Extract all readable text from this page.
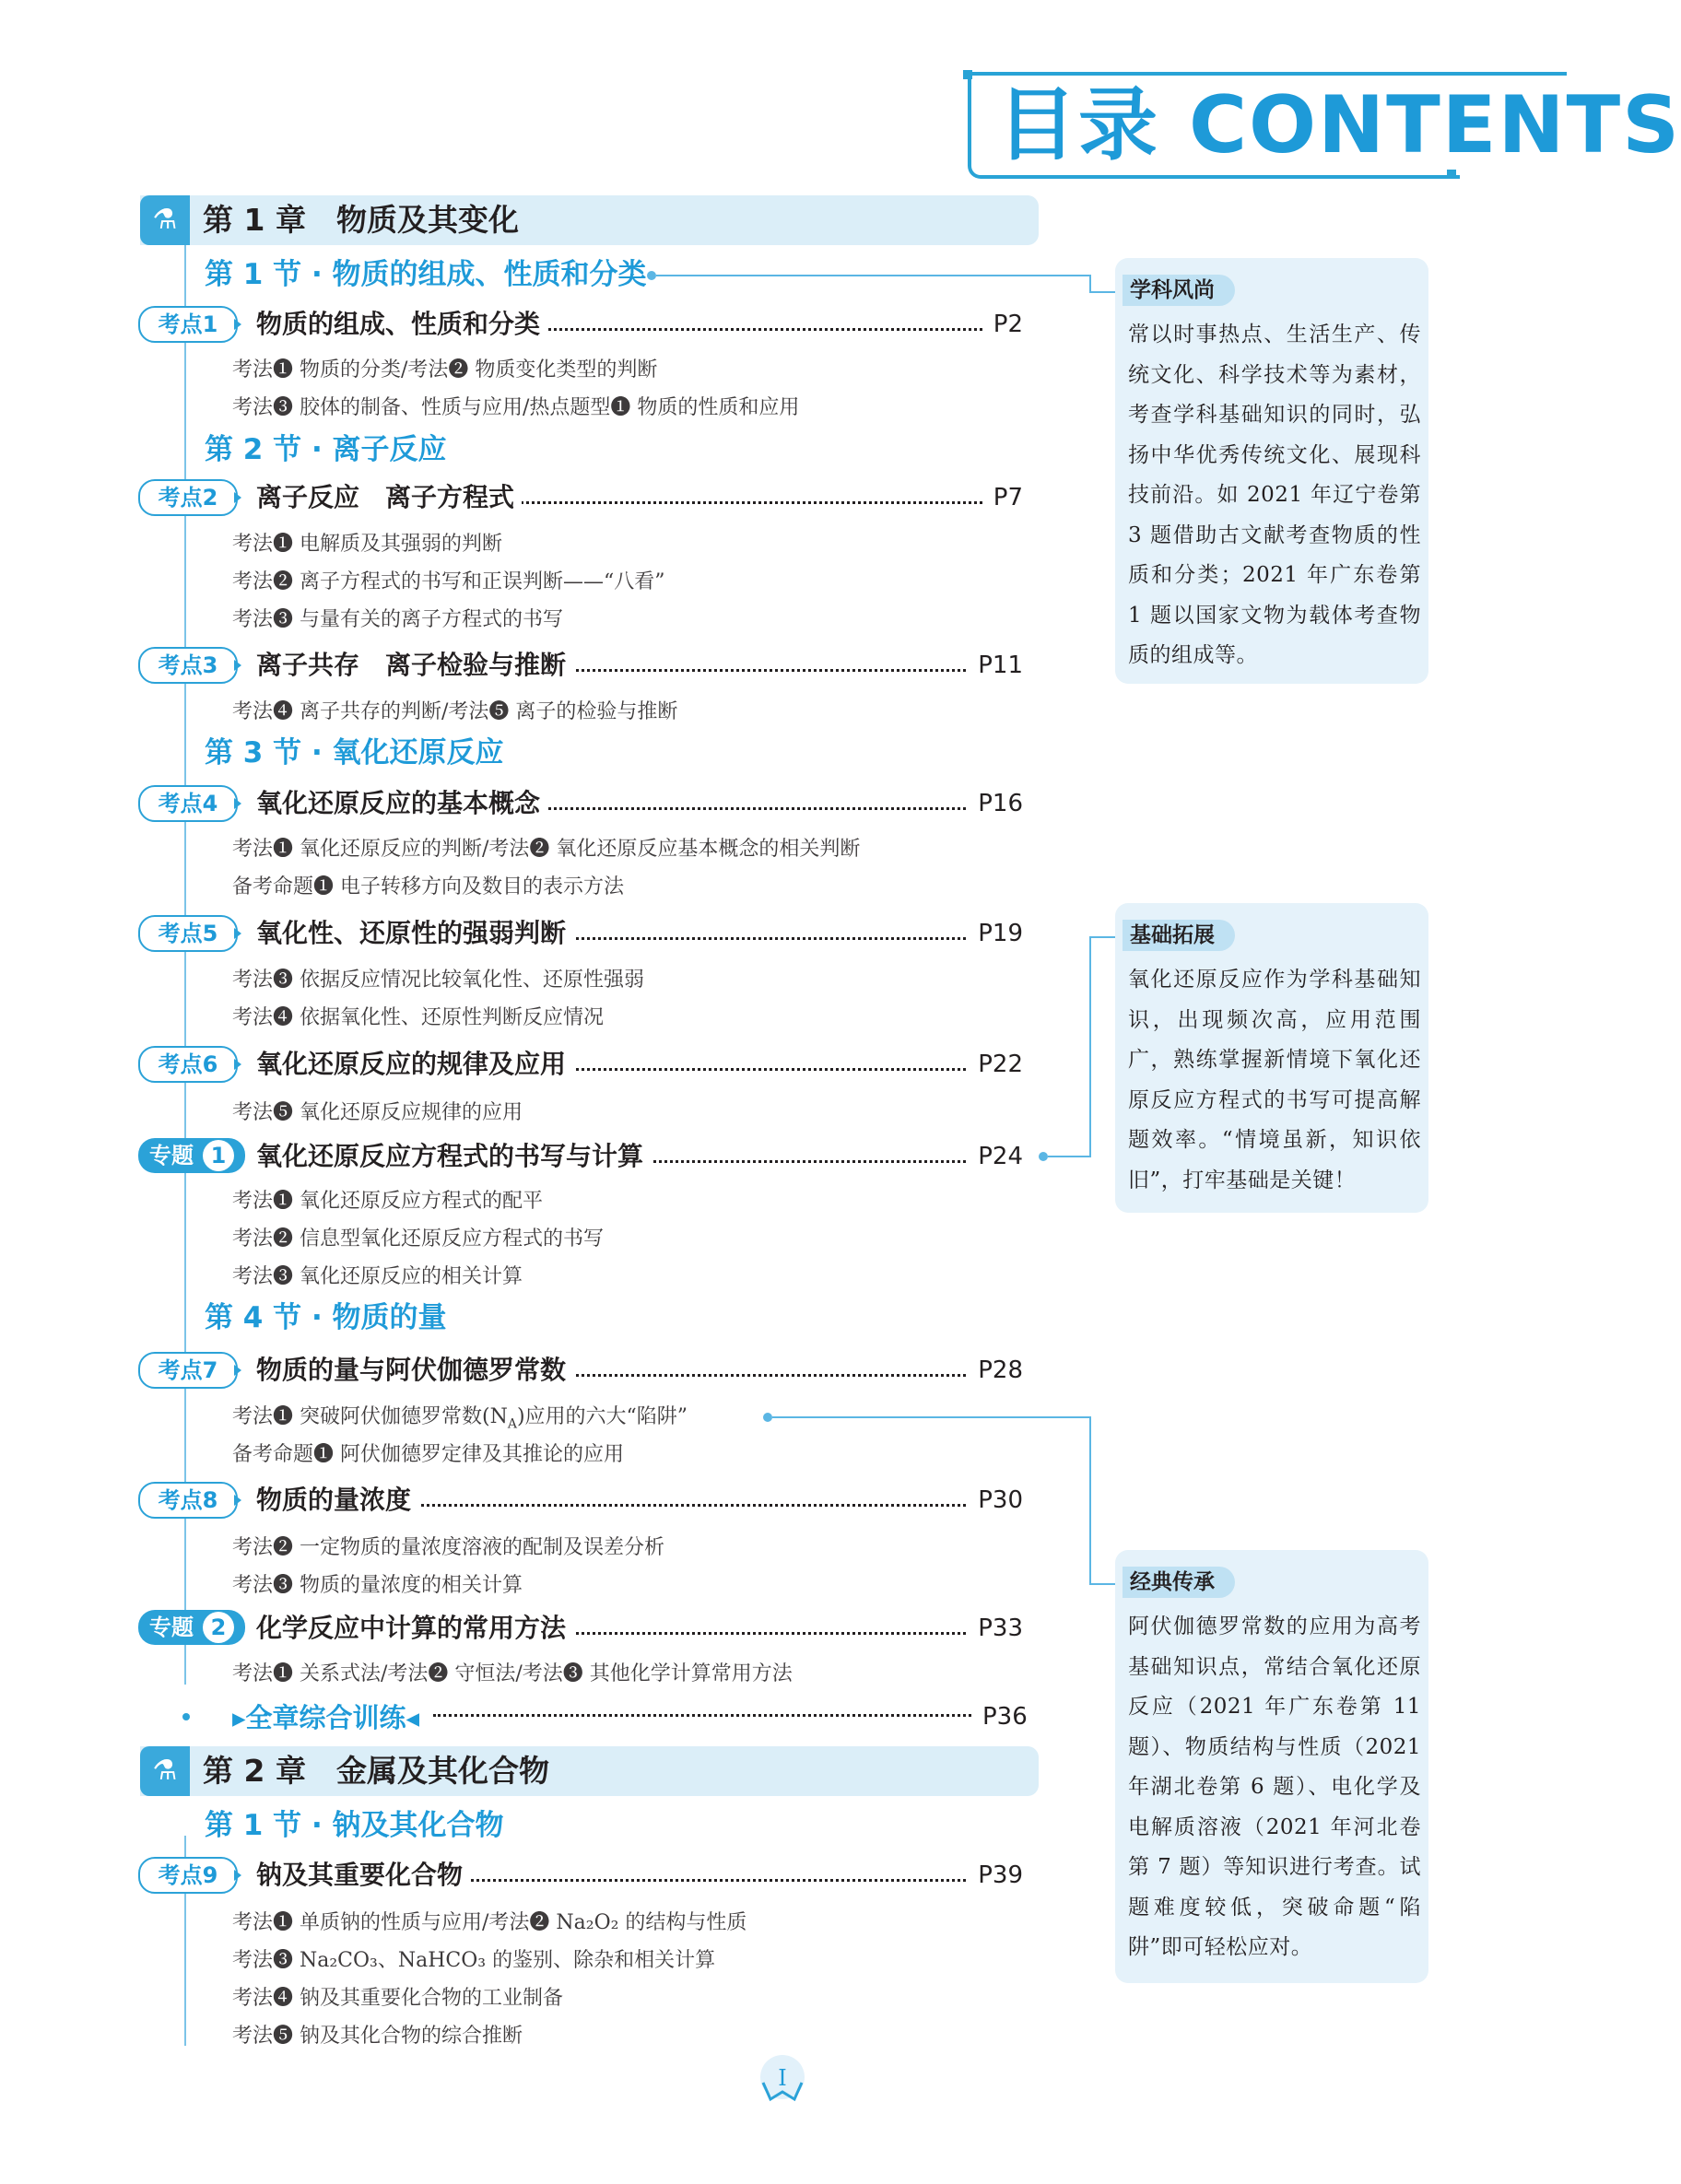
目录 CONTENTS
⚗ 第 1 章　物质及其变化
第 1 节 · 物质的组成、性质和分类
考点1	物质的组成、性质和分类	P2
考法❶ 物质的分类/考法❷ 物质变化类型的判断
考法❸ 胶体的制备、性质与应用/热点题型❶ 物质的性质和应用
第 2 节 · 离子反应
考点2	离子反应　离子方程式	P7
考法❶ 电解质及其强弱的判断
考法❷ 离子方程式的书写和正误判断——“八看”
考法❸ 与量有关的离子方程式的书写
考点3	离子共存　离子检验与推断	P11
考法❹ 离子共存的判断/考法❺ 离子的检验与推断
第 3 节 · 氧化还原反应
考点4	氧化还原反应的基本概念	P16
考法❶ 氧化还原反应的判断/考法❷ 氧化还原反应基本概念的相关判断
备考命题❶ 电子转移方向及数目的表示方法
考点5	氧化性、还原性的强弱判断	P19
考法❸ 依据反应情况比较氧化性、还原性强弱
考法❹ 依据氧化性、还原性判断反应情况
考点6	氧化还原反应的规律及应用	P22
考法❺ 氧化还原反应规律的应用
专题 1	氧化还原反应方程式的书写与计算	P24
考法❶ 氧化还原反应方程式的配平
考法❷ 信息型氧化还原反应方程式的书写
考法❸ 氧化还原反应的相关计算
第 4 节 · 物质的量
考点7	物质的量与阿伏伽德罗常数	P28
考法❶ 突破阿伏伽德罗常数$(N_A)$应用的六大“陷阱”
备考命题❶ 阿伏伽德罗定律及其推论的应用
考点8	物质的量浓度	P30
考法❷ 一定物质的量浓度溶液的配制及误差分析
考法❸ 物质的量浓度的相关计算
专题 2	化学反应中计算的常用方法	P33
考法❶ 关系式法/考法❷ 守恒法/考法❸ 其他化学计算常用方法
▸全章综合训练◂	P36
⚗ 第 2 章　金属及其化合物
第 1 节 · 钠及其化合物
考点9	钠及其重要化合物	P39
考法❶ 单质钠的性质与应用/考法❷ Na₂O₂ 的结构与性质
考法❸ Na₂CO₃、NaHCO₃ 的鉴别、除杂和相关计算
考法❹ 钠及其重要化合物的工业制备
考法❺ 钠及其化合物的综合推断
学科风尚
常以时事热点、生活生产、传统文化、科学技术等为素材，考查学科基础知识的同时，弘扬中华优秀传统文化、展现科技前沿。如 2021 年辽宁卷第 3 题借助古文献考查物质的性质和分类；2021 年广东卷第 1 题以国家文物为载体考查物质的组成等。
基础拓展
氧化还原反应作为学科基础知识，出现频次高，应用范围广，熟练掌握新情境下氧化还原反应方程式的书写可提高解题效率。“情境虽新，知识依旧”，打牢基础是关键！
经典传承
阿伏伽德罗常数的应用为高考基础知识点，常结合氧化还原反应（2021 年广东卷第 11 题）、物质结构与性质（2021 年湖北卷第 6 题）、电化学及电解质溶液（2021 年河北卷第 7 题）等知识进行考查。试题难度较低，突破命题“陷阱”即可轻松应对。
I
